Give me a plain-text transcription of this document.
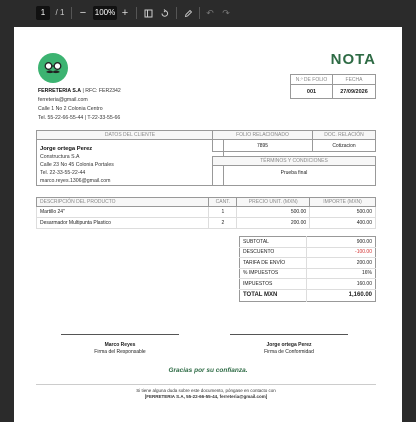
1	/
1	−	100% +	↶ ↷
NOTA
N.º DE FOLIO	FECHA
001	27/09/2026
FERRETERIA S.A | RFC: FER2342
ferreteria@gmail.com
Calle 1 No 2 Colonia Centro
Tel. 55-22-66-55-44 | T-22-33-55-66
DATOS DEL CLIENTE
Jorge ortega Perez
Constructura S.A
Calle 23 No 45 Colonia Portales
Tel. 22-33-55-22-44
marco.reyes.1306@gmail.com
FOLIO RELACIONADO	DOC. RELACIÓN
7895	Cotizacion
TÉRMINOS Y CONDICIONES
Prueba final
DESCRIPCIÓN DEL PRODUCTO	CANT.	PRECIO UNIT. (MXN)	IMPORTE (MXN)
Martillo 24"	1	500.00	500.00
Desarmador Multipunta Plastico	2	200.00	400.00
SUBTOTAL	900.00
DESCUENTO	-100.00
TARIFA DE ENVÍO	200.00
% IMPUESTOS	16%
IMPUESTOS	160.00
TOTAL MXN	1,160.00
Marco Reyes
Firma del Responsable
Jorge ortega Perez
Firma de Conformidad
Gracias por su confianza.
Si tiene alguna duda sobre este documento, póngase en contacto con
[FERRETERIA S.A, 55-22-66-55-44, ferreteria@gmail.com]
